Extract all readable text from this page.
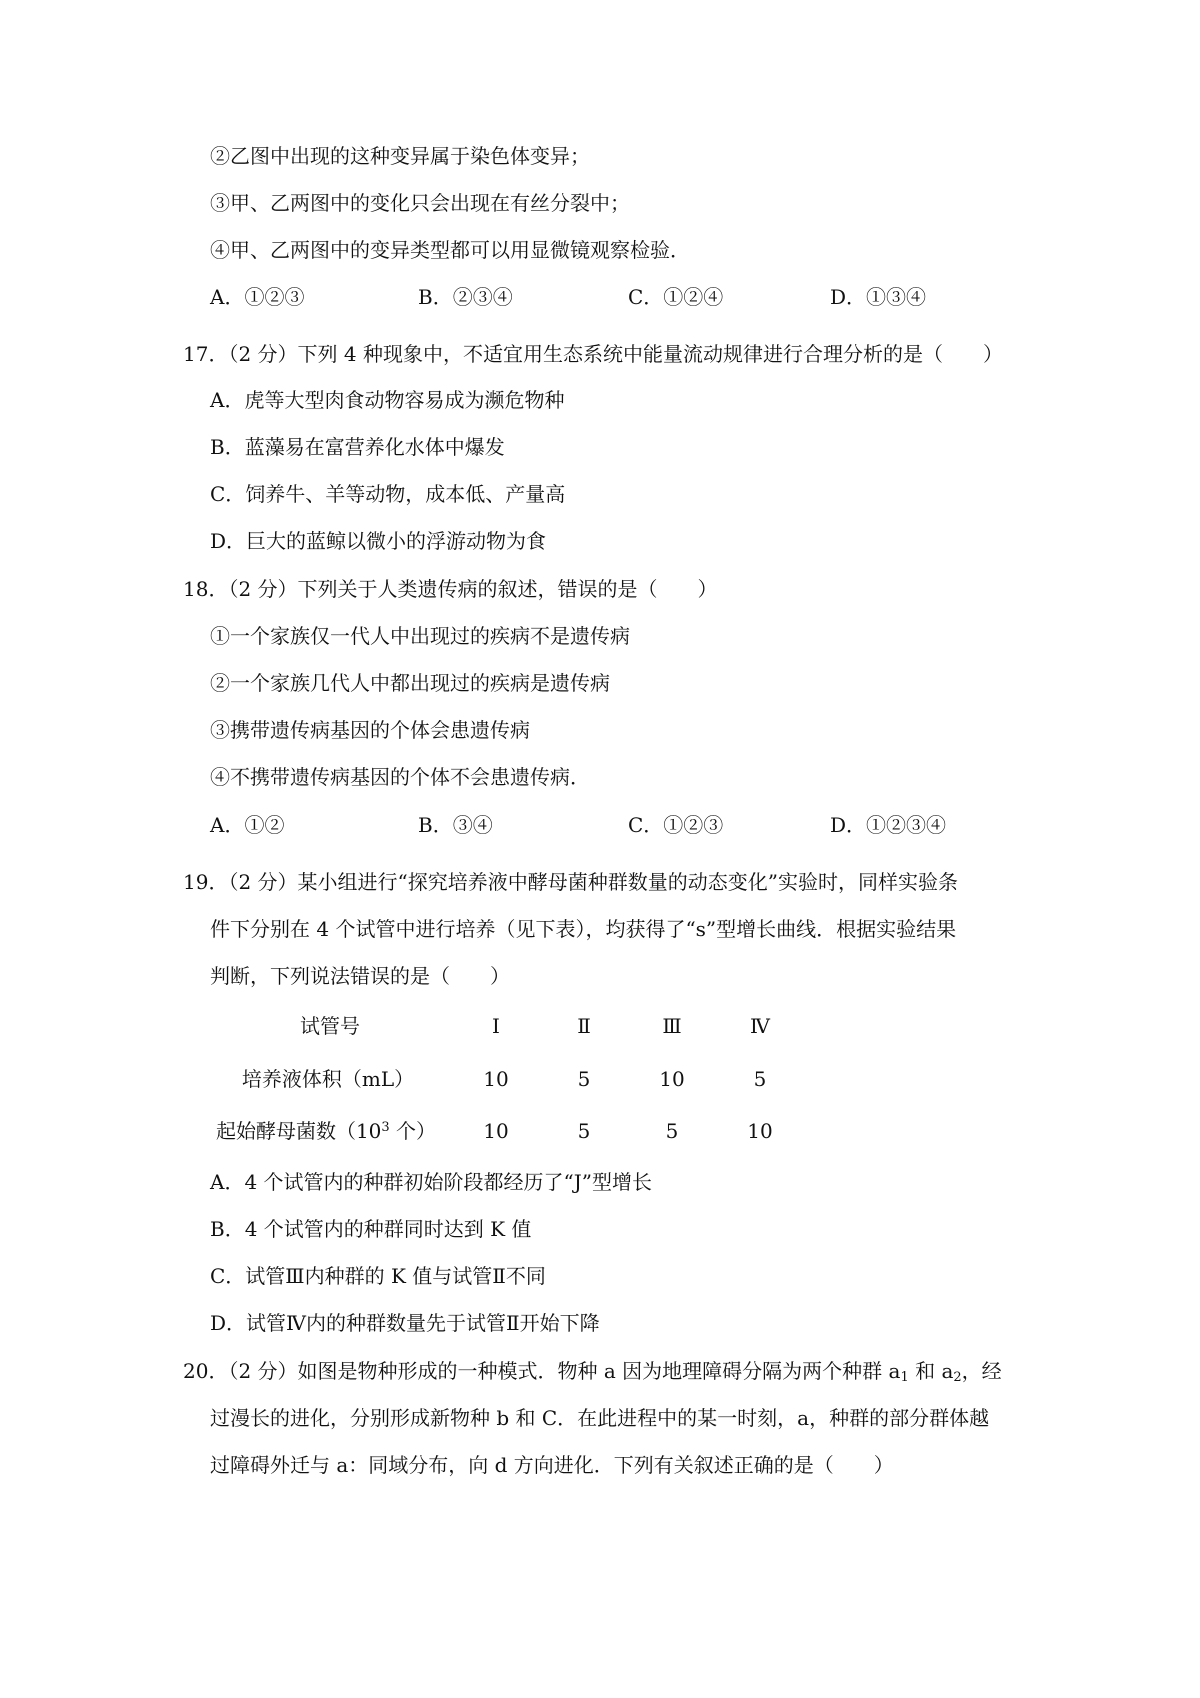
②乙图中出现的这种变异属于染色体变异；
③甲、乙两图中的变化只会出现在有丝分裂中；
④甲、乙两图中的变异类型都可以用显微镜观察检验．
A．①②③	B．②③④	C．①②④	D．①③④
17．（2 分）下列 4 种现象中，不适宜用生态系统中能量流动规律进行合理分析的是（　　）
A．虎等大型肉食动物容易成为濒危物种
B．蓝藻易在富营养化水体中爆发
C．饲养牛、羊等动物，成本低、产量高
D．巨大的蓝鲸以微小的浮游动物为食
18．（2 分）下列关于人类遗传病的叙述，错误的是（　　）
①一个家族仅一代人中出现过的疾病不是遗传病
②一个家族几代人中都出现过的疾病是遗传病
③携带遗传病基因的个体会患遗传病
④不携带遗传病基因的个体不会患遗传病．
A．①②	B．③④	C．①②③	D．①②③④
19．（2 分）某小组进行“探究培养液中酵母菌种群数量的动态变化”实验时，同样实验条
件下分别在 4 个试管中进行培养（见下表），均获得了“s”型增长曲线．根据实验结果
判断，下列说法错误的是（　　）
试管号	Ⅰ	Ⅱ	Ⅲ	Ⅳ
培养液体积（mL）	10	5	10	5
起始酵母菌数（$10^3$ 个） 10	5	5	10
A．4 个试管内的种群初始阶段都经历了“J”型增长
B．4 个试管内的种群同时达到 K 值
C．试管Ⅲ内种群的 K 值与试管Ⅱ不同
D．试管Ⅳ内的种群数量先于试管Ⅱ开始下降
20．（2 分）如图是物种形成的一种模式．物种 a 因为地理障碍分隔为两个种群 $a_1$ 和 $a_2$，经
过漫长的进化，分别形成新物种 b 和 C．在此进程中的某一时刻，a，种群的部分群体越
过障碍外迁与 a：同域分布，向 d 方向进化．下列有关叙述正确的是（　　）
